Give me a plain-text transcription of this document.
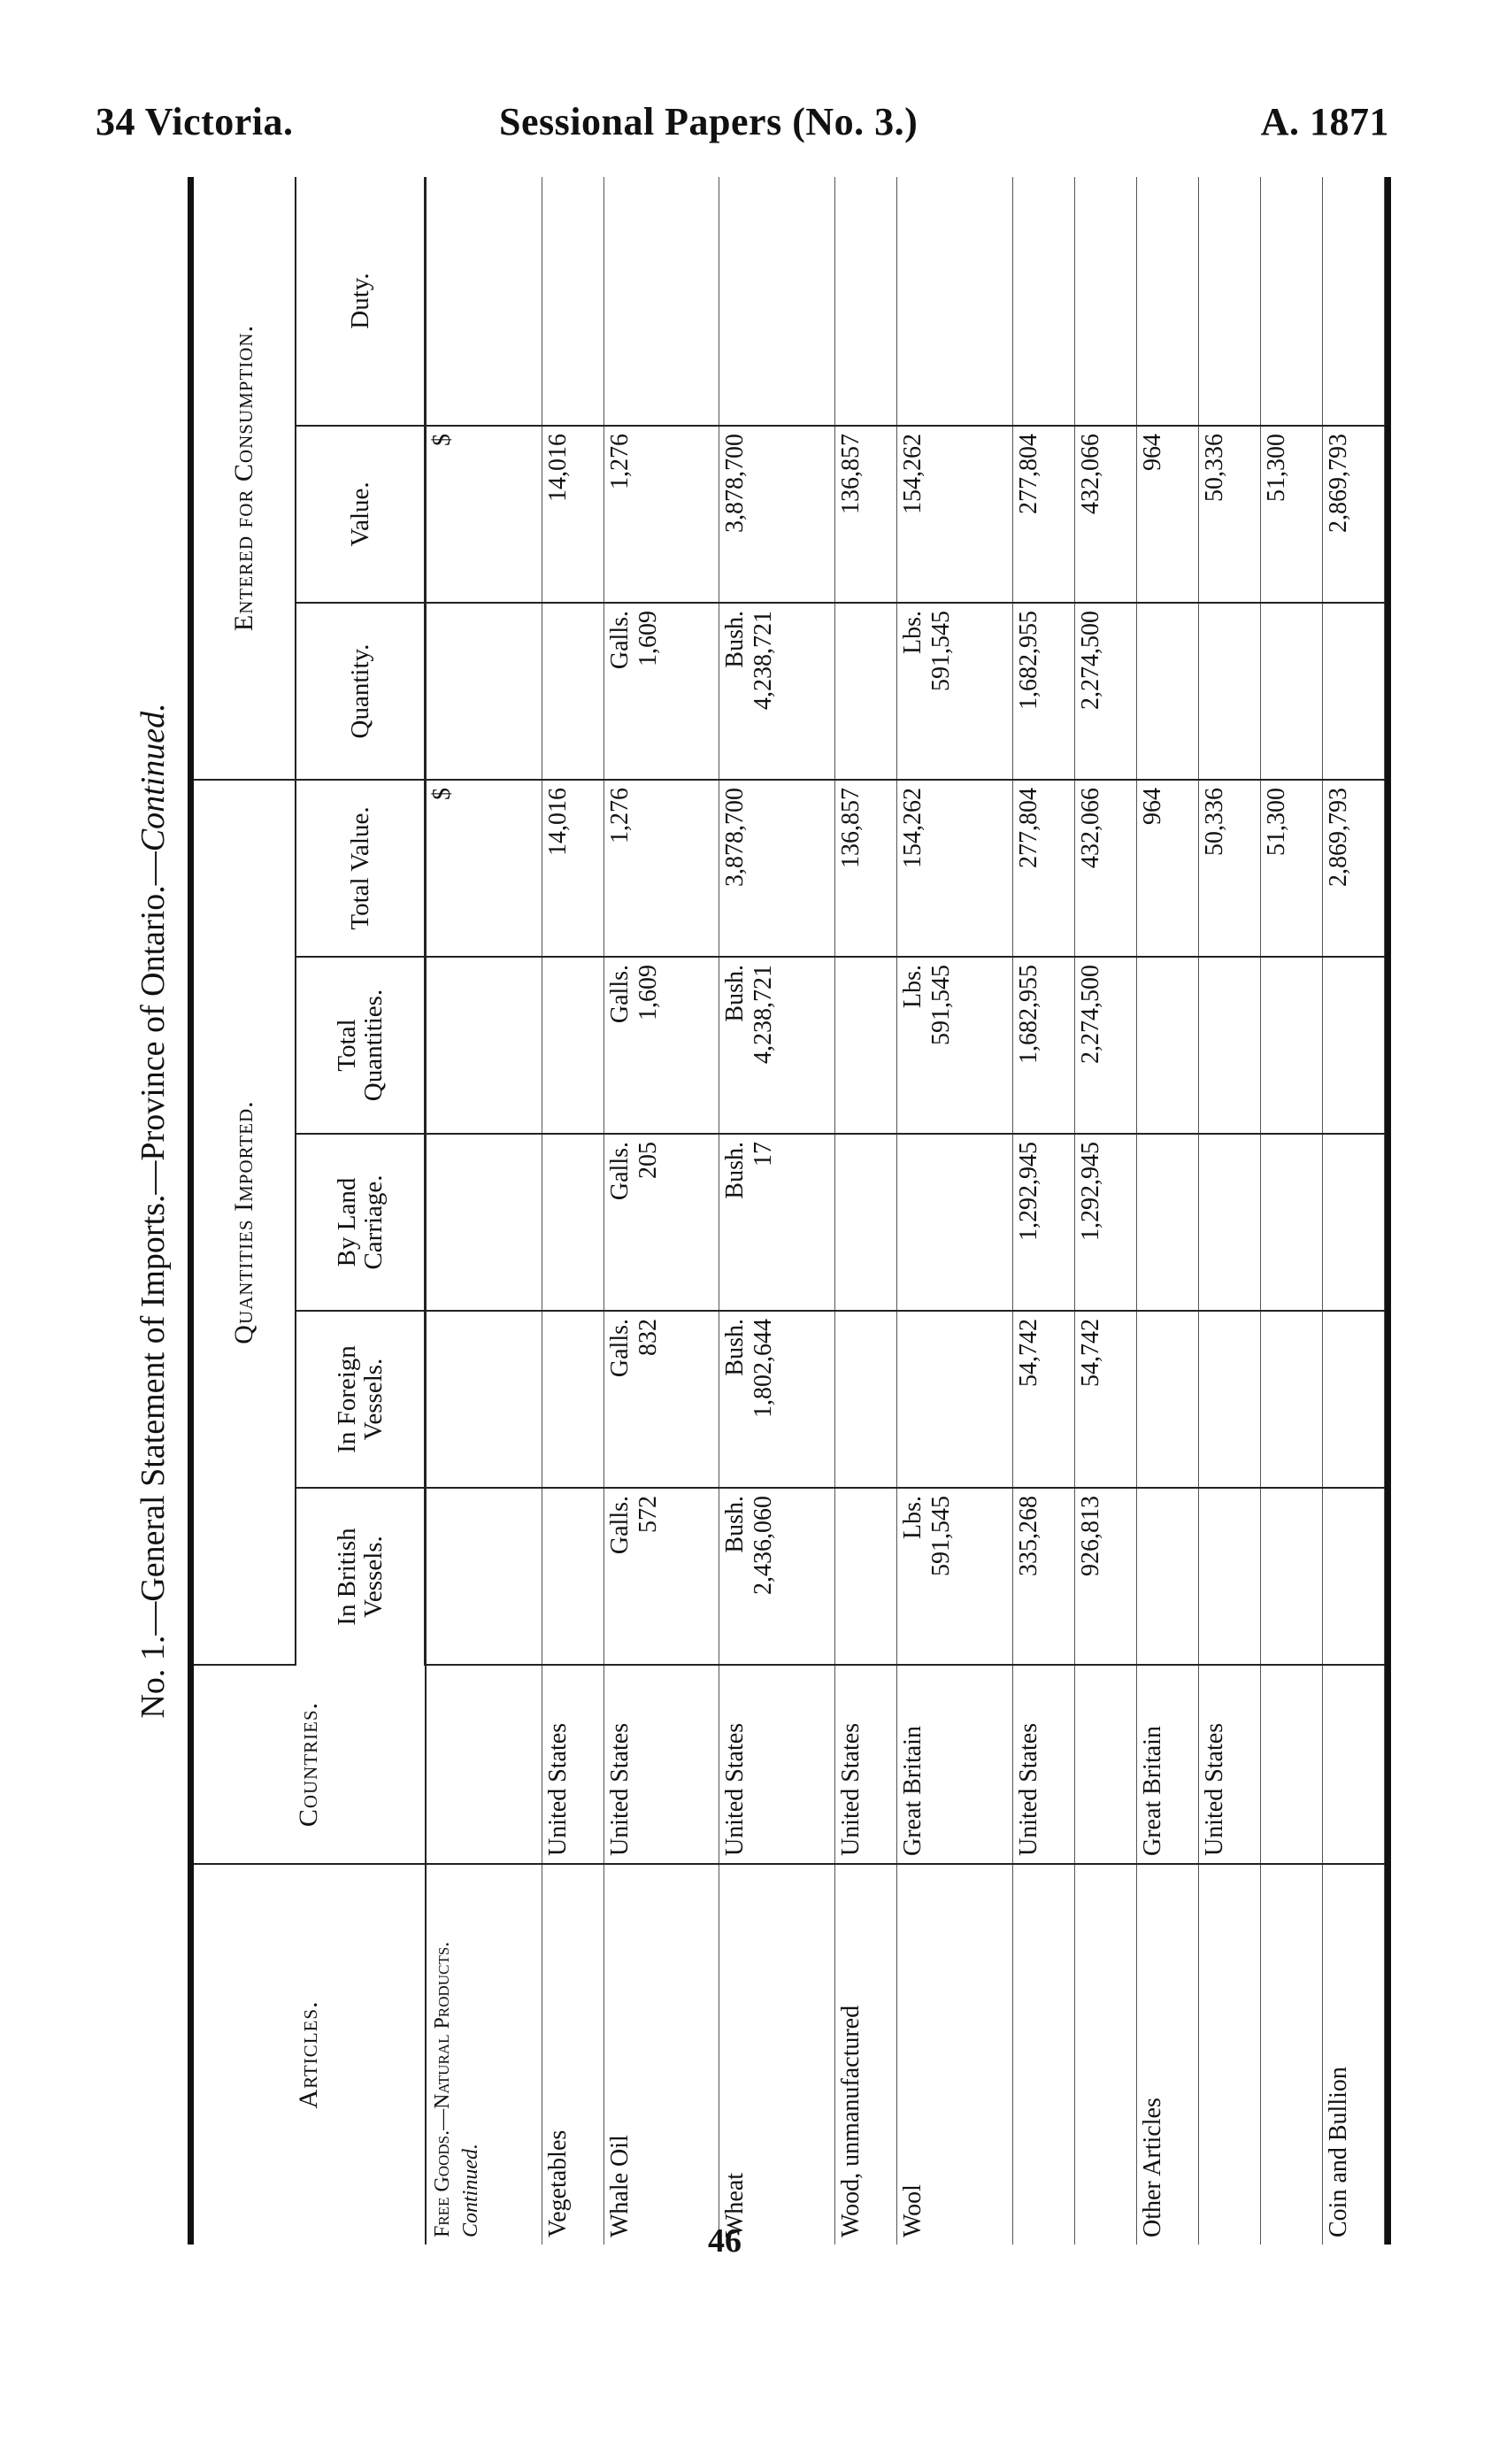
34 Victoria.	Sessional Papers (No. 3.)	A. 1871
No. 1.—General Statement of Imports.—Province of Ontario.—Continued.
Articles.	Countries.	Quantities Imported.					Entered for Consumption.		
		In British Vessels.	In Foreign Vessels.	By Land Carriage.	Total Quantities.	Total Value.	Quantity.	Value.	Duty.

Free Goods.—Natural Products. Continued.						$		$	
Vegetables	United States					14,016		14,016	
Whale Oil	United States	Galls. 572	Galls. 832	Galls. 205	Galls. 1,609	1,276	Galls. 1,609	1,276	
Wheat	United States	Bush. 2,436,060	Bush. 1,802,644	Bush. 17	Bush. 4,238,721	3,878,700	Bush. 4,238,721	3,878,700	
Wood, unmanufactured	United States					136,857		136,857	
Wool	Great Britain	Lbs. 591,545			Lbs. 591,545	154,262	Lbs. 591,545	154,262	
	United States	335,268	54,742	1,292,945	1,682,955	277,804	1,682,955	277,804	
		926,813	54,742	1,292,945	2,274,500	432,066	2,274,500	432,066	
Other Articles	Great Britain					964		964	
	United States					50,336		50,336	
						51,300		51,300	
Coin and Bullion						2,869,793		2,869,793	
46
